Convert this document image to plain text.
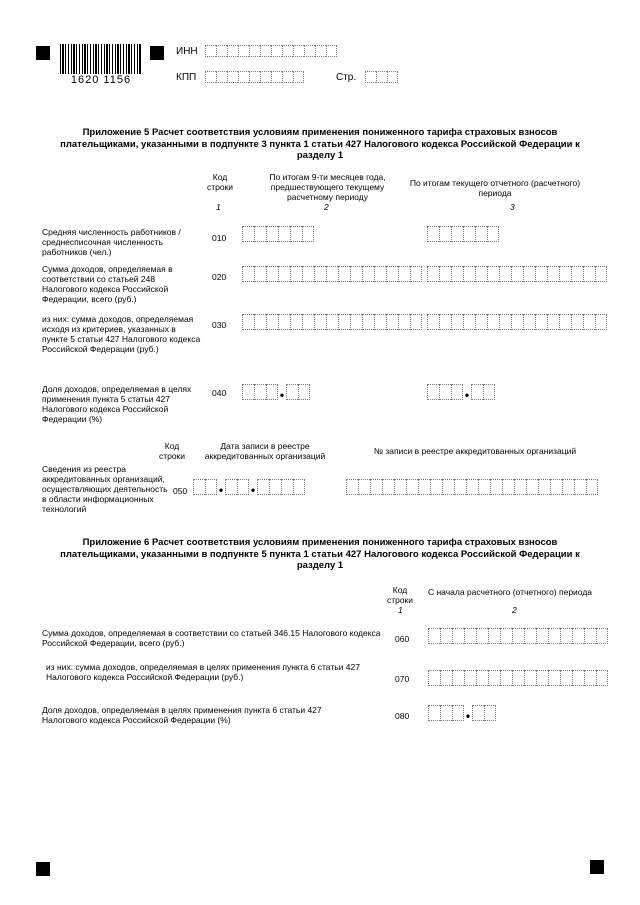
1620 1156
ИНН
КПП	Стр.
Приложение 5 Расчет соответствия условиям применения пониженного тарифа страховых взносов плательщиками, указанными в подпункте 3 пункта 1 статьи 427 Налогового кодекса Российской Федерации к разделу 1
Код строки
По итогам 9-ти месяцев года, предшествующего текущему расчетному периоду
По итогам текущего отчетного (расчетного) периода
1	2	3
Средняя численность работников / среднесписочная численность работников (чел.)
010
Сумма доходов, определяемая в соответствии со статьей 248 Налогового кодекса Российской Федерации, всего (руб.)
020
из них: сумма доходов, определяемая исходя из критериев, указанных в пункте 5 статьи 427 Налогового кодекса Российской Федерации (руб.)
030
Доля доходов, определяемая в целях применения пункта 5 статьи 427 Налогового кодекса Российской Федерации (%)
040	•	•
Код строки
Дата записи в реестре аккредитованных организаций	№ записи в реестре аккредитованных организаций
Сведения из реестра аккредитованных организаций, осуществляющих деятельность в области информационных технологий
050	• •
Приложение 6 Расчет соответствия условиям применения пониженного тарифа страховых взносов плательщиками, указанными в подпункте 5 пункта 1 статьи 427 Налогового кодекса Российской Федерации к разделу 1
Код строки
С начала расчетного (отчетного) периода
1	2
Сумма доходов, определяемая в соответствии со статьей 346.15 Налогового кодекса Российской Федерации, всего (руб.)	060
из них: сумма доходов, определяемая в целях применения пункта 6 статьи 427 Налогового кодекса Российской Федерации (руб.)	070
Доля доходов, определяемая в целях применения пункта 6 статьи 427 Налогового кодекса Российской Федерации (%)	080	•
